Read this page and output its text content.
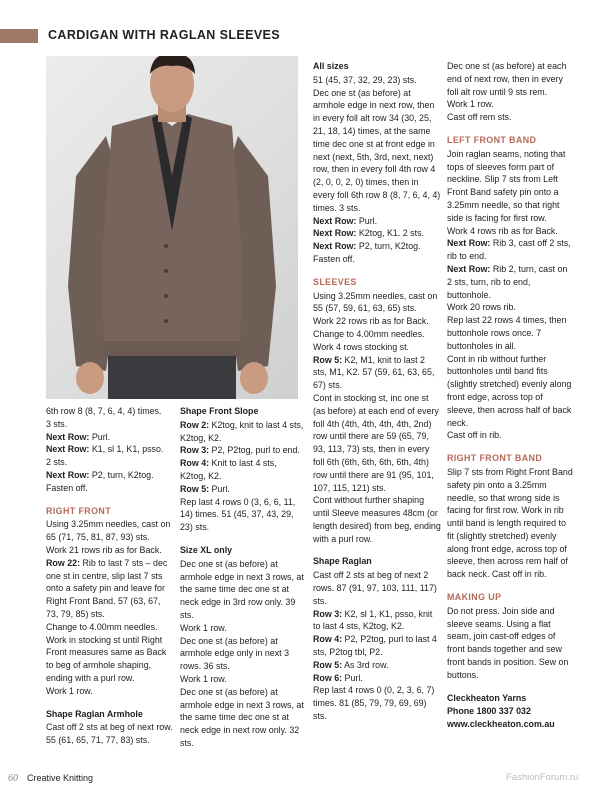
CARDIGAN WITH RAGLAN SLEEVES

6th row 8 (8, 7, 6, 4, 4) times.

3 sts.

Next Row: Purl.

Next Row: K1, sl 1, K1, psso.

2 sts.

Next Row: P2, turn, K2tog.

Fasten off.

RIGHT FRONT

Using 3.25mm needles, cast on 65 (71, 75, 81, 87, 93) sts.

Work 21 rows rib as for Back.

Row 22: Rib to last 7 sts – dec one st in centre, slip last 7 sts onto a safety pin and leave for Right Front Band. 57 (63, 67, 73, 79, 85) sts.

Change to 4.00mm needles.

Work in stocking st until Right Front measures same as Back to beg of armhole shaping, ending with a purl row.

Work 1 row.

Shape Raglan Armhole

Cast off 2 sts at beg of next row. 55 (61, 65, 71, 77, 83) sts.

Shape Front Slope

Row 2: K2tog, knit to last 4 sts, K2tog, K2.

Row 3: P2, P2tog, purl to end.

Row 4: Knit to last 4 sts, K2tog, K2.

Row 5: Purl.

Rep last 4 rows 0 (3, 6, 6, 11, 14) times. 51 (45, 37, 43, 29, 23) sts.

Size XL only

Dec one st (as before) at armhole edge in next 3 rows, at the same time dec one st at neck edge in 3rd row only. 39 sts.

Work 1 row.

Dec one st (as before) at armhole edge only in next 3 rows. 36 sts.

Work 1 row.

Dec one st (as before) at armhole edge in next 3 rows, at the same time dec one st at neck edge in next row only. 32 sts.

All sizes

51 (45, 37, 32, 29, 23) sts.

Dec one st (as before) at armhole edge in next row, then in every foll alt row 34 (30, 25, 21, 18, 14) times, at the same time dec one st at front edge in next (next, 5th, 3rd, next, next) row, then in every foll 4th row 4 (2, 0, 0, 2, 0) times, then in every foll 6th row 8 (8, 7, 6, 4, 4) times. 3 sts.

Next Row: Purl.

Next Row: K2tog, K1. 2 sts.

Next Row: P2, turn, K2tog.

Fasten off.

SLEEVES

Using 3.25mm needles, cast on 55 (57, 59, 61, 63, 65) sts.

Work 22 rows rib as for Back.

Change to 4.00mm needles.

Work 4 rows stocking st.

Row 5: K2, M1, knit to last 2 sts, M1, K2. 57 (59, 61, 63, 65, 67) sts.

Cont in stocking st, inc one st (as before) at each end of every foll 4th (4th, 4th, 4th, 4th, 2nd) row until there are 59 (65, 79, 93, 113, 73) sts, then in every foll 6th (6th, 6th, 6th, 6th, 4th) row until there are 91 (95, 101, 107, 115, 121) sts.

Cont without further shaping until Sleeve measures 48cm (or length desired) from beg, ending with a purl row.

Shape Raglan

Cast off 2 sts at beg of next 2 rows. 87 (91, 97, 103, 111, 117) sts.

Row 3: K2, sl 1, K1, psso, knit to last 4 sts, K2tog, K2.

Row 4: P2, P2tog, purl to last 4 sts, P2tog tbl, P2.

Row 5: As 3rd row.

Row 6: Purl.

Rep last 4 rows 0 (0, 2, 3, 6, 7) times. 81 (85, 79, 79, 69, 69) sts.

Dec one st (as before) at each end of next row, then in every foll alt row until 9 sts rem.

Work 1 row.

Cast off rem sts.

LEFT FRONT BAND

Join raglan seams, noting that tops of sleeves form part of neckline. Slip 7 sts from Left Front Band safety pin onto a 3.25mm needle, so that right side is facing for first row.

Work 4 rows rib as for Back.

Next Row: Rib 3, cast off 2 sts, rib to end.

Next Row: Rib 2, turn, cast on 2 sts, turn, rib to end, buttonhole.

Work 20 rows rib.

Rep last 22 rows 4 times, then buttonhole rows once. 7 buttonholes in all.

Cont in rib without further buttonholes until band fits (slightly stretched) evenly along front edge, across top of sleeve, then across half of back neck.

Cast off in rib.

RIGHT FRONT BAND

Slip 7 sts from Right Front Band safety pin onto a 3.25mm needle, so that wrong side is facing for first row. Work in rib until band is length required to fit (slightly stretched) evenly along front edge, across top of sleeve, then across rem half of back neck. Cast off in rib.

MAKING UP

Do not press. Join side and sleeve seams. Using a flat seam, join cast-off edges of front bands together and sew front bands in position. Sew on buttons.

Cleckheaton Yarns

Phone 1800 337 032

www.cleckheaton.com.au

60 Creative Knitting	FashionForum.ru
